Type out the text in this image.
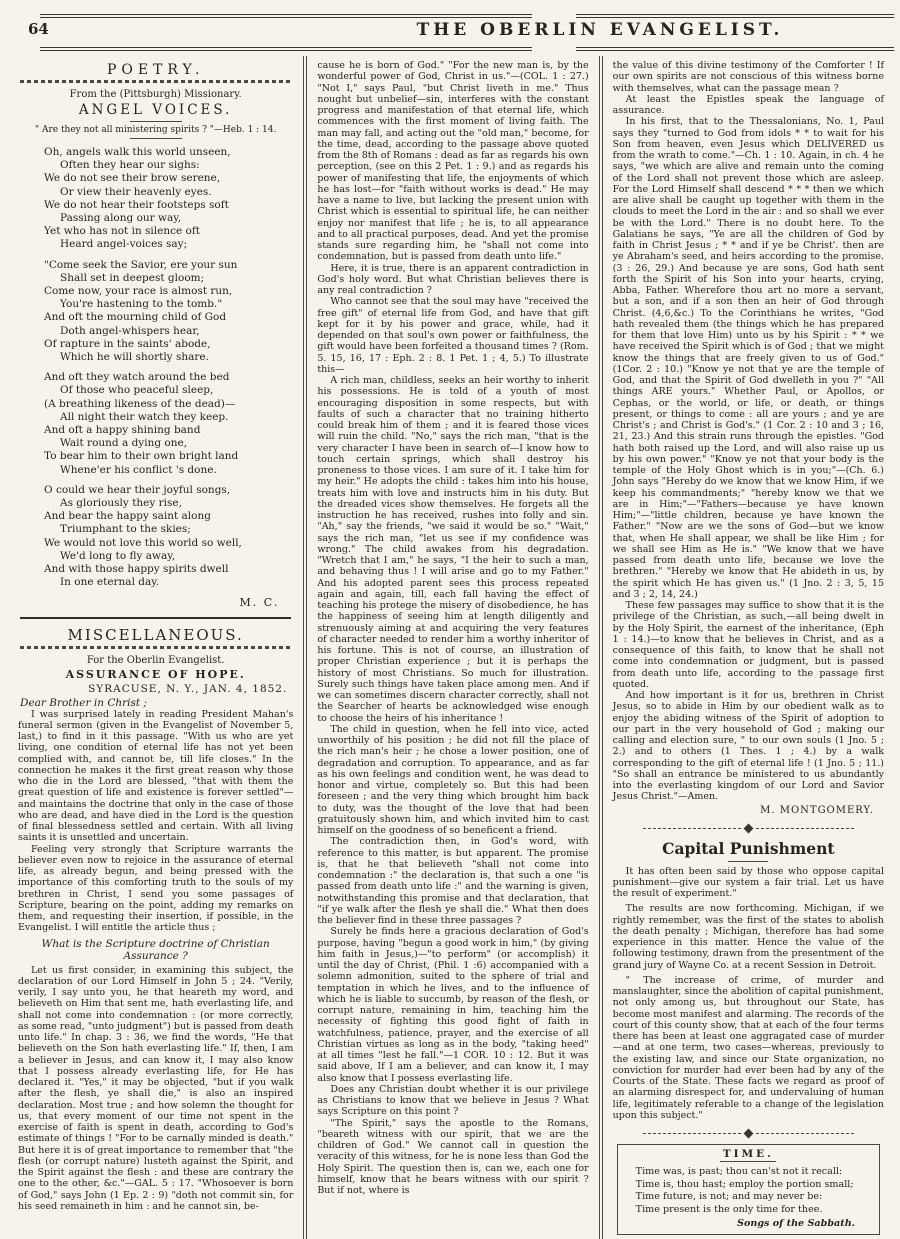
64	THE OBERLIN EVANGELIST.
POETRY.
From the (Pittsburgh) Missionary.
ANGEL VOICES.
" Are they not all ministering spirits ? "—Heb. 1 : 14.
Oh, angels walk this world unseen,
Often they hear our sighs:
We do not see their brow serene,
Or view their heavenly eyes.
We do not hear their footsteps soft
Passing along our way,
Yet who has not in silence oft
Heard angel-voices say;
"Come seek the Savior, ere your sun
Shall set in deepest gloom;
Come now, your race is almost run,
You're hastening to the tomb."
And oft the mourning child of God
Doth angel-whispers hear,
Of rapture in the saints' abode,
Which he will shortly share.
And oft they watch around the bed
Of those who peaceful sleep,
(A breathing likeness of the dead)—
All night their watch they keep.
And oft a happy shining band
Wait round a dying one,
To bear him to their own bright land
Whene'er his conflict 's done.
O could we hear their joyful songs,
As gloriously they rise,
And bear the happy saint along
Triumphant to the skies;
We would not love this world so well,
We'd long to fly away,
And with those happy spirits dwell
In one eternal day.
M. C.
MISCELLANEOUS.
For the Oberlin Evangelist.
ASSURANCE OF HOPE.
SYRACUSE, N. Y., JAN. 4, 1852.
Dear Brother in Christ ;

I was surprised lately in reading President Mahan's funeral sermon (given in the Evangelist of November 5, last,) to find in it this passage. "With us who are yet living, one condition of eternal life has not yet been complied with, and cannot be, till life closes." In the connection he makes it the first great reason why those who die in the Lord are blessed, "that with them the great question of life and existence is forever settled"—and maintains the doctrine that only in the case of those who are dead, and have died in the Lord is the question of final blessedness settled and certain. With all living saints it is unsettled and uncertain.

Feeling very strongly that Scripture warrants the believer even now to rejoice in the assurance of eternal life, as already begun, and being pressed with the importance of this comforting truth to the souls of my brethren in Christ, I send you some passages of Scripture, bearing on the point, adding my remarks on them, and requesting their insertion, if possible, in the Evangelist. I will entitle the article thus ;

What is the Scripture doctrine of Christian Assurance ?

Let us first consider, in examining this subject, the declaration of our Lord Himself in John 5 ; 24. "Verily, verily, I say unto you, he that heareth my word, and believeth on Him that sent me, hath everlasting life, and shall not come into condemnation : (or more correctly, as some read, "unto judgment") but is passed from death unto life." In chap. 3 : 36, we find the words, "He that believeth on the Son hath everlasting life." If, then, I am a believer in Jesus, and can know it, I may also know that I possess already everlasting life, for He has declared it. "Yes," it may be objected, "but if you walk after the flesh, ye shall die," is also an inspired declaration. Most true ; and how solemn the thought for us, that every moment of our time not spent in the exercise of faith is spent in death, according to God's estimate of things ! "For to be carnally minded is death." But here it is of great importance to remember that "the flesh (or corrupt nature) lusteth against the Spirit, and the Spirit against the flesh : and these are contrary the one to the other, &c."—GAL. 5 : 17. "Whosoever is born of God," says John (1 Ep. 2 : 9) "doth not commit sin, for his seed remaineth in him : and he cannot sin, be-

cause he is born of God." "For the new man is, by the wonderful power of God, Christ in us."—(COL. 1 : 27.) "Not I," says Paul, "but Christ liveth in me." Thus nought but unbelief—sin, interferes with the constant progress and manifestation of that eternal life, which commences with the first moment of living faith. The man may fall, and acting out the "old man," become, for the time, dead, according to the passage above quoted from the 8th of Romans : dead as far as regards his own perception, (see on this 2 Pet. 1 : 9.) and as regards his power of manifesting that life, the enjoyments of which he has lost—for "faith without works is dead." He may have a name to live, but lacking the present union with Christ which is essential to spiritual life, he can neither enjoy nor manifest that life ; he is, to all appearance and to all practical purposes, dead. And yet the promise stands sure regarding him, he "shall not come into condemnation, but is passed from death unto life."

Here, it is true, there is an apparent contradiction in God's holy word. But what Christian believes there is any real contradiction ?

Who cannot see that the soul may have "received the free gift" of eternal life from God, and have that gift kept for it by his power and grace, while, had it depended on that soul's own power or faithfulness, the gift would have been forfeited a thousand times ? (Rom. 5. 15, 16, 17 : Eph. 2 : 8. 1 Pet. 1 ; 4, 5.) To illustrate this—

A rich man, childless, seeks an heir worthy to inherit his possessions. He is told of a youth of most encouraging disposition in some respects, but with faults of such a character that no training hitherto could break him of them ; and it is feared those vices will ruin the child. "No," says the rich man, "that is the very character I have been in search of—I know how to touch certain springs, which shall destroy his proneness to those vices. I am sure of it. I take him for my heir." He adopts the child : takes him into his house, treats him with love and instructs him in his duty. But the dreaded vices show themselves. He forgets all the instruction he has received, rushes into folly and sin. "Ah," say the friends, "we said it would be so." "Wait," says the rich man, "let us see if my confidence was wrong." The child awakes from his degradation. "Wretch that I am," he says, "I the heir to such a man, and behaving thus ! I will arise and go to my Father." And his adopted parent sees this process repeated again and again, till, each fall having the effect of teaching his protege the misery of disobedience, he has the happiness of seeing him at length diligently and strenuously aiming at and acquiring the very features of character needed to render him a worthy inheritor of his fortune. This is not of course, an illustration of proper Christian experience ; but it is perhaps the history of most Christians. So much for illustration. Surely such things have taken place among men. And if we can sometimes discern character correctly, shall not the Searcher of hearts be acknowledged wise enough to choose the heirs of his inheritance !

The child in question, when he fell into vice, acted unworthily of his position ; he did not fill the place of the rich man's heir ; he chose a lower position, one of degradation and corruption. To appearance, and as far as his own feelings and condition went, he was dead to honor and virtue, completely so. But this had been foreseen ; and the very thing which brought him back to duty, was the thought of the love that had been gratuitously shown him, and which invited him to cast himself on the goodness of so beneficent a friend.

The contradiction then, in God's word, with reference to this matter, is but apparent. The promise is, that he that believeth "shall not come into condemnation :" the declaration is, that such a one "is passed from death unto life :" and the warning is given, notwithstanding this promise and that declaration, that "if ye walk after the flesh ye shall die." What then does the believer find in these three passages ?

Surely he finds here a gracious declaration of God's purpose, having "begun a good work in him," (by giving him faith in Jesus,)—"to perform" (or accomplish) it until the day of Christ, (Phil. 1 :6) accompanied with a solemn admonition, suited to the sphere of trial and temptation in which he lives, and to the influence of which he is liable to succumb, by reason of the flesh, or corrupt nature, remaining in him, teaching him the necessity of fighting this good fight of faith in watchfulness, patience, prayer, and the exercise of all Christian virtues as long as in the body, "taking heed" at all times "lest he fall."—1 COR. 10 : 12. But it was said above, If I am a believer, and can know it, I may also know that I possess everlasting life.

Does any Christian doubt whether it is our privilege as Christians to know that we believe in Jesus ? What says Scripture on this point ?

"The Spirit," says the apostle to the Romans, "beareth witness with our spirit, that we are the children of God." We cannot call in question the veracity of this witness, for he is none less than God the Holy Spirit. The question then is, can we, each one for himself, know that he bears witness with our spirit ? But if not, where is

the value of this divine testimony of the Comforter ! If our own spirits are not conscious of this witness borne with themselves, what can the passage mean ?

At least the Epistles speak the language of assurance.

In his first, that to the Thessalonians, No. 1, Paul says they "turned to God from idols * * to wait for his Son from heaven, even Jesus which DELIVERED us from the wrath to come."—Ch. 1 : 10. Again, in ch. 4 he says, "we which are alive and remain unto the coming of the Lord shall not prevent those which are asleep. For the Lord Himself shall descend * * * then we which are alive shall be caught up together with them in the clouds to meet the Lord in the air : and so shall we ever be with the Lord." There is no doubt here. To the Galatians he says, "Ye are all the children of God by faith in Christ Jesus ; * * and if ye be Christ'. then are ye Abraham's seed, and heirs according to the promise. (3 : 26, 29.) And because ye are sons, God hath sent forth the Spirit of his Son into your hearts, crying, Abba, Father. Wherefore thou art no more a servant, but a son, and if a son then an heir of God through Christ. (4,6,&c.) To the Corinthians he writes, "God hath revealed them (the things which he has prepared for them that love Him) unto us by his Spirit : * * we have received the Spirit which is of God ; that we might know the things that are freely given to us of God." (1Cor. 2 : 10.) "Know ye not that ye are the temple of God, and that the Spirit of God dwelleth in you ?" "All things ARE yours." Whether Paul, or Apollos, or Cephas, or the world, or life, or death, or things present, or things to come : all are yours ; and ye are Christ's ; and Christ is God's." (1 Cor. 2 : 10 and 3 ; 16, 21, 23.) And this strain runs through the epistles. "God hath both raised up the Lord, and will also raise up us by his own power." "Know ye not that your body is the temple of the Holy Ghost which is in you;"—(Ch. 6.) John says "Hereby do we know that we know Him, if we keep his commandments;" "hereby know we that we are in Him;"—"Fathers—because ye have known Him;"—"little children, because ye have known the Father." "Now are we the sons of God—but we know that, when He shall appear, we shall be like Him ; for we shall see Him as He is." "We know that we have passed from death unto life, because we love the brethren." "Hereby we know that He abideth in us, by the spirit which He has given us." (1 Jno. 2 : 3, 5, 15 and 3 ; 2, 14, 24.)

These few passages may suffice to show that it is the privilege of the Christian, as such,—all being dwelt in by the Holy Spirit, the earnest of the inheritance, (Eph 1 : 14.)—to know that he believes in Christ, and as a consequence of this faith, to know that he shall not come into condemnation or judgment, but is passed from death unto life, according to the passage first quoted.

And how important is it for us, brethren in Christ Jesus, so to abide in Him by our obedient walk as to enjoy the abiding witness of the Spirit of adoption to our part in the very household of God ; making our calling and election sure, " to our own souls (1 Jno. 5 ; 2.) and to others (1 Thes. 1 ; 4.) by a walk corresponding to the gift of eternal life ! (1 Jno. 5 ; 11.) "So shall an entrance be ministered to us abundantly into the everlasting kingdom of our Lord and Savior Jesus Christ."—Amen.

M. MONTGOMERY.
Capital Punishment

It has often been said by those who oppose capital punishment—give our system a fair trial. Let us have the result of experiment."

The results are now forthcoming. Michigan, if we rightly remember, was the first of the states to abolish the death penalty ; Michigan, therefore has had some experience in this matter. Hence the value of the following testimony, drawn from the presentment of the grand jury of Wayne Co. at a recent Session in Detroit.

" The increase of crime, of murder and manslaughter, since the abolition of capital punishment, not only among us, but throughout our State, has become most manifest and alarming. The records of the court of this county show, that at each of the four terms there has been at least one aggragated case of murder—and at one term, two cases—whereas, previously to the existing law, and since our State organization, no conviction for murder had ever been had by any of the Courts of the State. These facts we regard as proof of an alarming disrespect for, and undervaluing of human life, legitimately referable to a change of the legislation upon this subject."

TIME.
Time was, is past; thou can'st not it recall:
Time is, thou hast; employ the portion small;
Time future, is not; and may never be:
Time present is the only time for thee.
Songs of the Sabbath.
